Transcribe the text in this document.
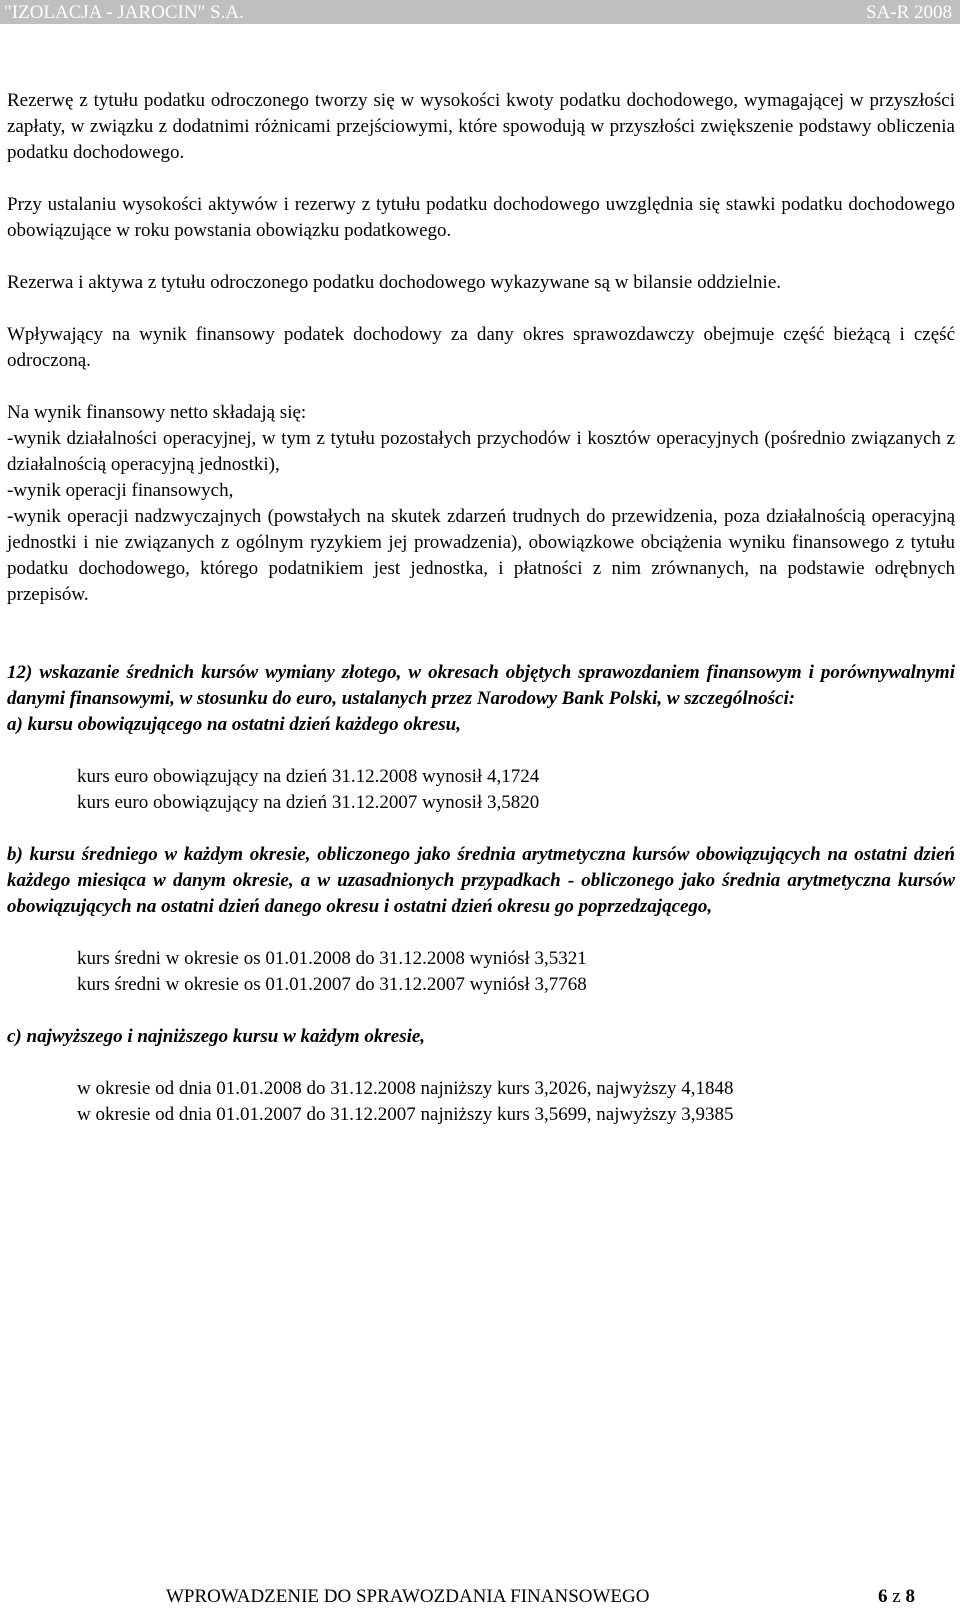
"IZOLACJA - JAROCIN" S.A.	SA-R 2008

Rezerwę z tytułu podatku odroczonego tworzy się w wysokości kwoty podatku dochodowego, wymagającej w przyszłości zapłaty, w związku z dodatnimi różnicami przejściowymi, które spowodują w przyszłości zwiększenie podstawy obliczenia podatku dochodowego.

Przy ustalaniu wysokości aktywów i rezerwy z tytułu podatku dochodowego uwzględnia się stawki podatku dochodowego obowiązujące w roku powstania obowiązku podatkowego.

Rezerwa i aktywa z tytułu odroczonego podatku dochodowego wykazywane są w bilansie oddzielnie.

Wpływający na wynik finansowy podatek dochodowy za dany okres sprawozdawczy obejmuje część bieżącą i część odroczoną.

Na wynik finansowy netto składają się:

-wynik działalności operacyjnej, w tym z tytułu pozostałych przychodów i kosztów operacyjnych (pośrednio związanych z działalnością operacyjną jednostki),

-wynik operacji finansowych,

-wynik operacji nadzwyczajnych (powstałych na skutek zdarzeń trudnych do przewidzenia, poza działalnością operacyjną jednostki i nie związanych z ogólnym ryzykiem jej prowadzenia), obowiązkowe obciążenia wyniku finansowego z tytułu podatku dochodowego, którego podatnikiem jest jednostka, i płatności z nim zrównanych, na podstawie odrębnych przepisów.

12) wskazanie średnich kursów wymiany złotego, w okresach objętych sprawozdaniem finansowym i porównywalnymi danymi finansowymi, w stosunku do euro, ustalanych przez Narodowy Bank Polski, w szczególności:

a) kursu obowiązującego na ostatni dzień każdego okresu,

kurs euro obowiązujący na dzień 31.12.2008 wynosił 4,1724

kurs euro obowiązujący na dzień 31.12.2007 wynosił 3,5820

b) kursu średniego w każdym okresie, obliczonego jako średnia arytmetyczna kursów obowiązujących na ostatni dzień każdego miesiąca w danym okresie, a w uzasadnionych przypadkach - obliczonego jako średnia arytmetyczna kursów obowiązujących na ostatni dzień danego okresu i ostatni dzień okresu go poprzedzającego,

kurs średni w okresie os 01.01.2008 do 31.12.2008 wyniósł 3,5321

kurs średni w okresie os 01.01.2007 do 31.12.2007 wyniósł 3,7768

c) najwyższego i najniższego kursu w każdym okresie,

w okresie od dnia 01.01.2008 do 31.12.2008 najniższy kurs 3,2026, najwyższy 4,1848

w okresie od dnia 01.01.2007 do 31.12.2007 najniższy kurs 3,5699, najwyższy 3,9385

WPROWADZENIE DO SPRAWOZDANIA FINANSOWEGO	6 z 8
